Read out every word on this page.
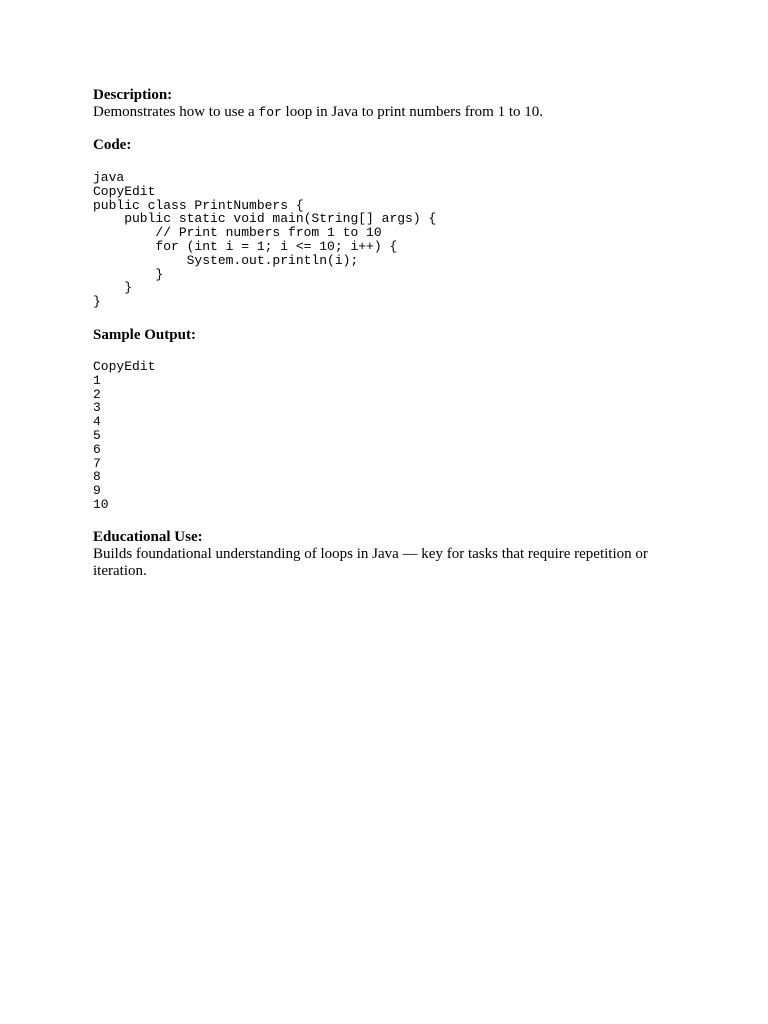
Description:

Demonstrates how to use a for loop in Java to print numbers from 1 to 10.

Code:

java

CopyEdit

public class PrintNumbers {

public static void main(String[] args) {

// Print numbers from 1 to 10

for (int i = 1; i <= 10; i++) {

System.out.println(i);

}

}

}

Sample Output:

CopyEdit

1

2

3

4

5

6

7

8

9

10

Educational Use:

Builds foundational understanding of loops in Java — key for tasks that require repetition or iteration.
